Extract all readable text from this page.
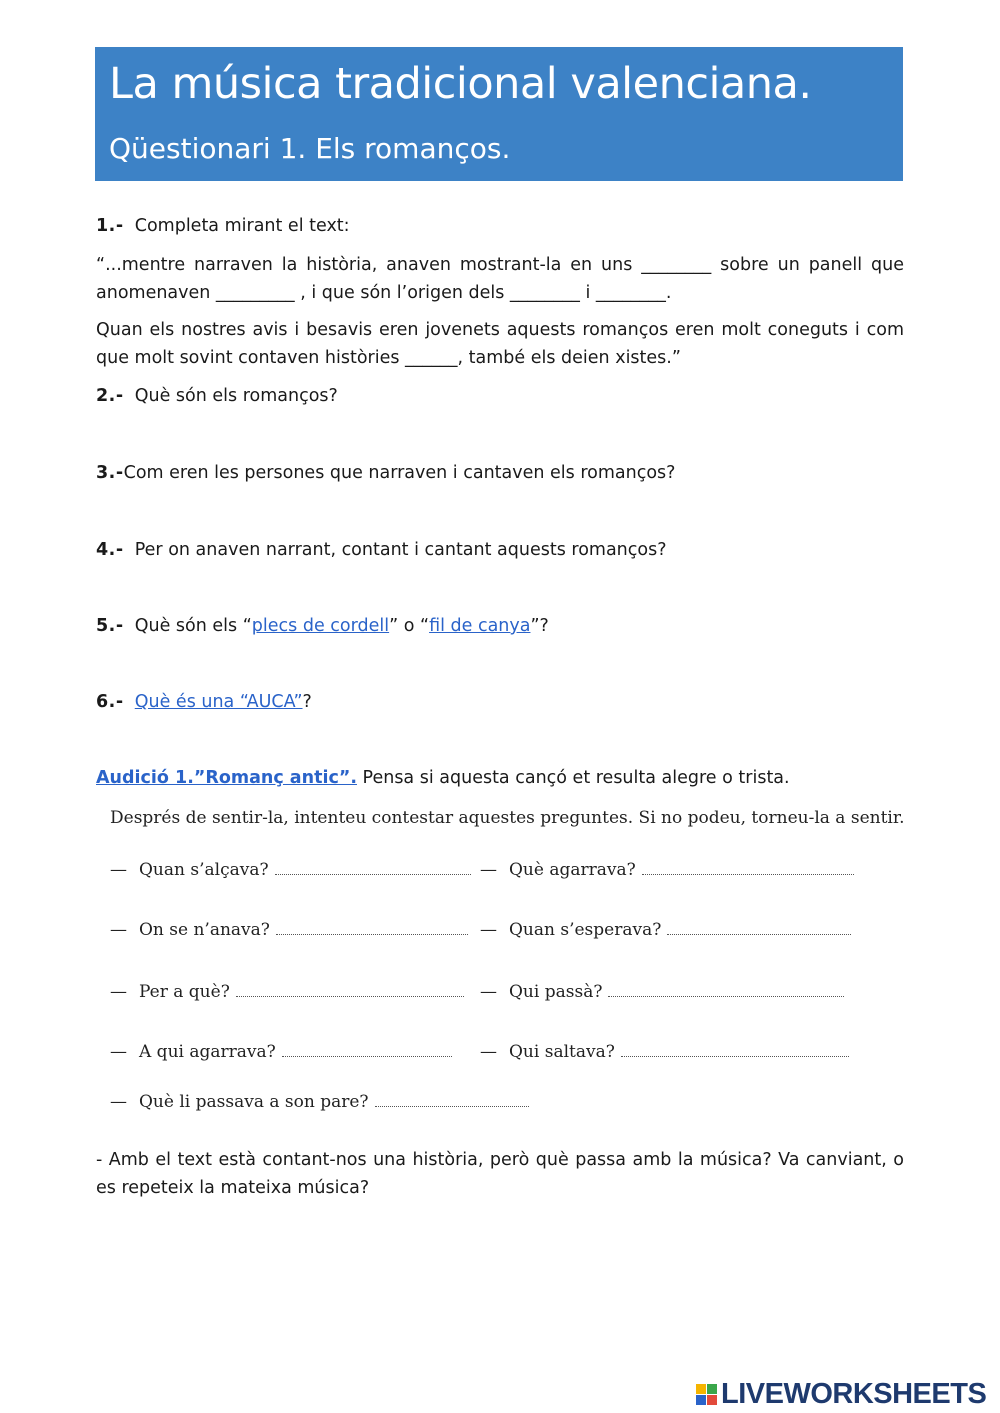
La música tradicional valenciana.
Qüestionari 1. Els romanços.
1.- Completa mirant el text:
“...mentre narraven la història, anaven mostrant-la en uns ________ sobre un panell que anomenaven _________ , i que són l’origen dels ________ i ________.
Quan els nostres avis i besavis eren jovenets aquests romanços eren molt coneguts i com que molt sovint contaven històries ______, també els deien xistes.”
2.- Què són els romanços?
3.-Com eren les persones que narraven i cantaven els romanços?
4.- Per on anaven narrant, contant i cantant aquests romanços?
5.- Què són els “plecs de cordell” o “fil de canya”?
6.- Què és una “AUCA”?
Audició 1.”Romanç antic”. Pensa si aquesta cançó et resulta alegre o trista.
Després de sentir-la, intenteu contestar aquestes preguntes. Si no podeu, torneu-la a sentir.
— Quan s’alçava?	— Què agarrava?
— On se n’anava?	— Quan s’esperava?
— Per a què?	— Qui passà?
— A qui agarrava?	— Qui saltava?
— Què li passava a son pare?
- Amb el text està contant-nos una història, però què passa amb la música? Va canviant, o es repeteix la mateixa música?
LIVEWORKSHEETS
